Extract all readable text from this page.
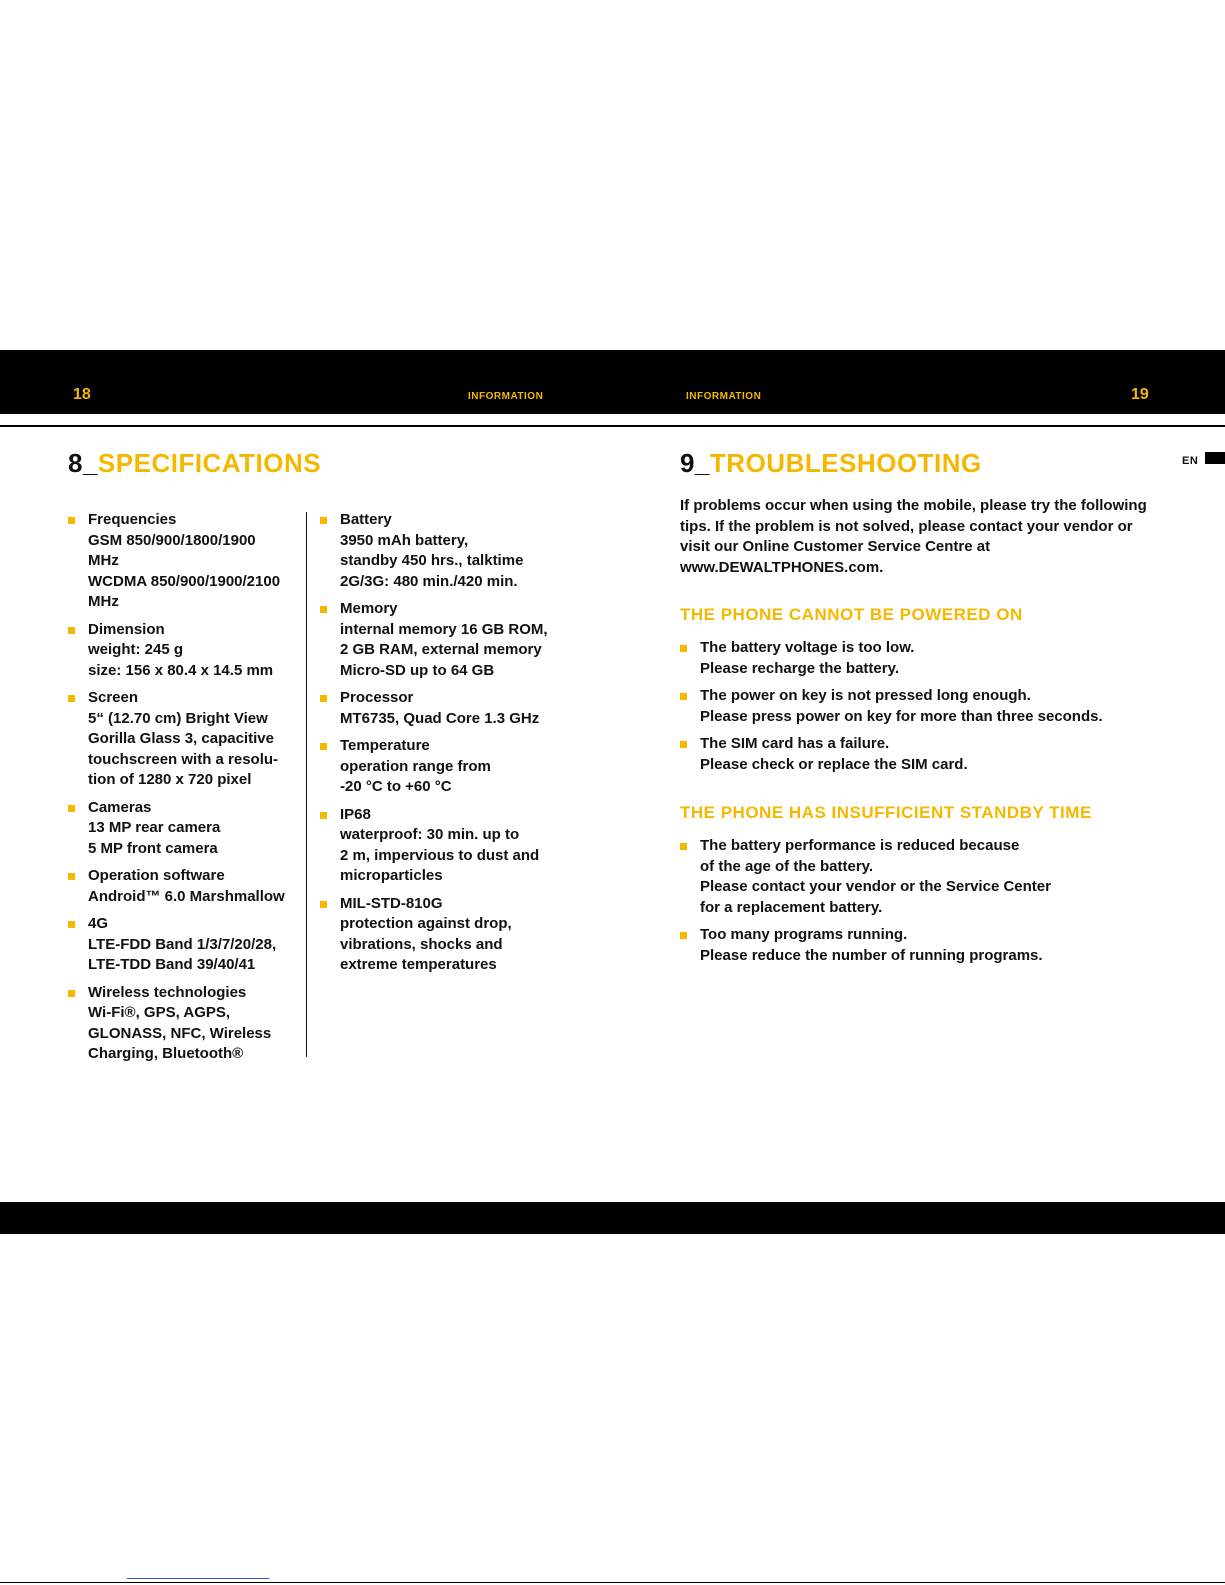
18	INFORMATION	INFORMATION	19
EN
8_SPECIFICATIONS
Frequencies
GSM 850/900/1800/1900
MHz
WCDMA 850/900/1900/2100
MHz
Dimension
weight: 245 g
size: 156 x 80.4 x 14.5 mm
Screen
5“ (12.70 cm) Bright View
Gorilla Glass 3, capacitive
touchscreen with a resolu-
tion of 1280 x 720 pixel
Cameras
13 MP rear camera
5 MP front camera
Operation software
Android™ 6.0 Marshmallow
4G
LTE-FDD Band 1/3/7/20/28,
LTE-TDD Band 39/40/41
Wireless technologies
Wi-Fi®, GPS, AGPS,
GLONASS, NFC, Wireless
Charging, Bluetooth®
Battery
3950 mAh battery,
standby 450 hrs., talktime
2G/3G: 480 min./420 min.
Memory
internal memory 16 GB ROM,
2 GB RAM, external memory
Micro-SD up to 64 GB
Processor
MT6735, Quad Core 1.3 GHz
Temperature
operation range from
-20 °C to +60 °C
IP68
waterproof: 30 min. up to
2 m, impervious to dust and
microparticles
MIL-STD-810G
protection against drop,
vibrations, shocks and
extreme temperatures
9_TROUBLESHOOTING

If problems occur when using the mobile, please try the following tips. If the problem is not solved, please contact your vendor or visit our Online Customer Service Centre at www.DEWALTPHONES.com.

THE PHONE CANNOT BE POWERED ON
The battery voltage is too low.
Please recharge the battery.
The power on key is not pressed long enough.
Please press power on key for more than three seconds.
The SIM card has a failure.
Please check or replace the SIM card.
THE PHONE HAS INSUFFICIENT STANDBY TIME
The battery performance is reduced because
of the age of the battery.
Please contact your vendor or the Service Center
for a replacement battery.
Too many programs running.
Please reduce the number of running programs.
